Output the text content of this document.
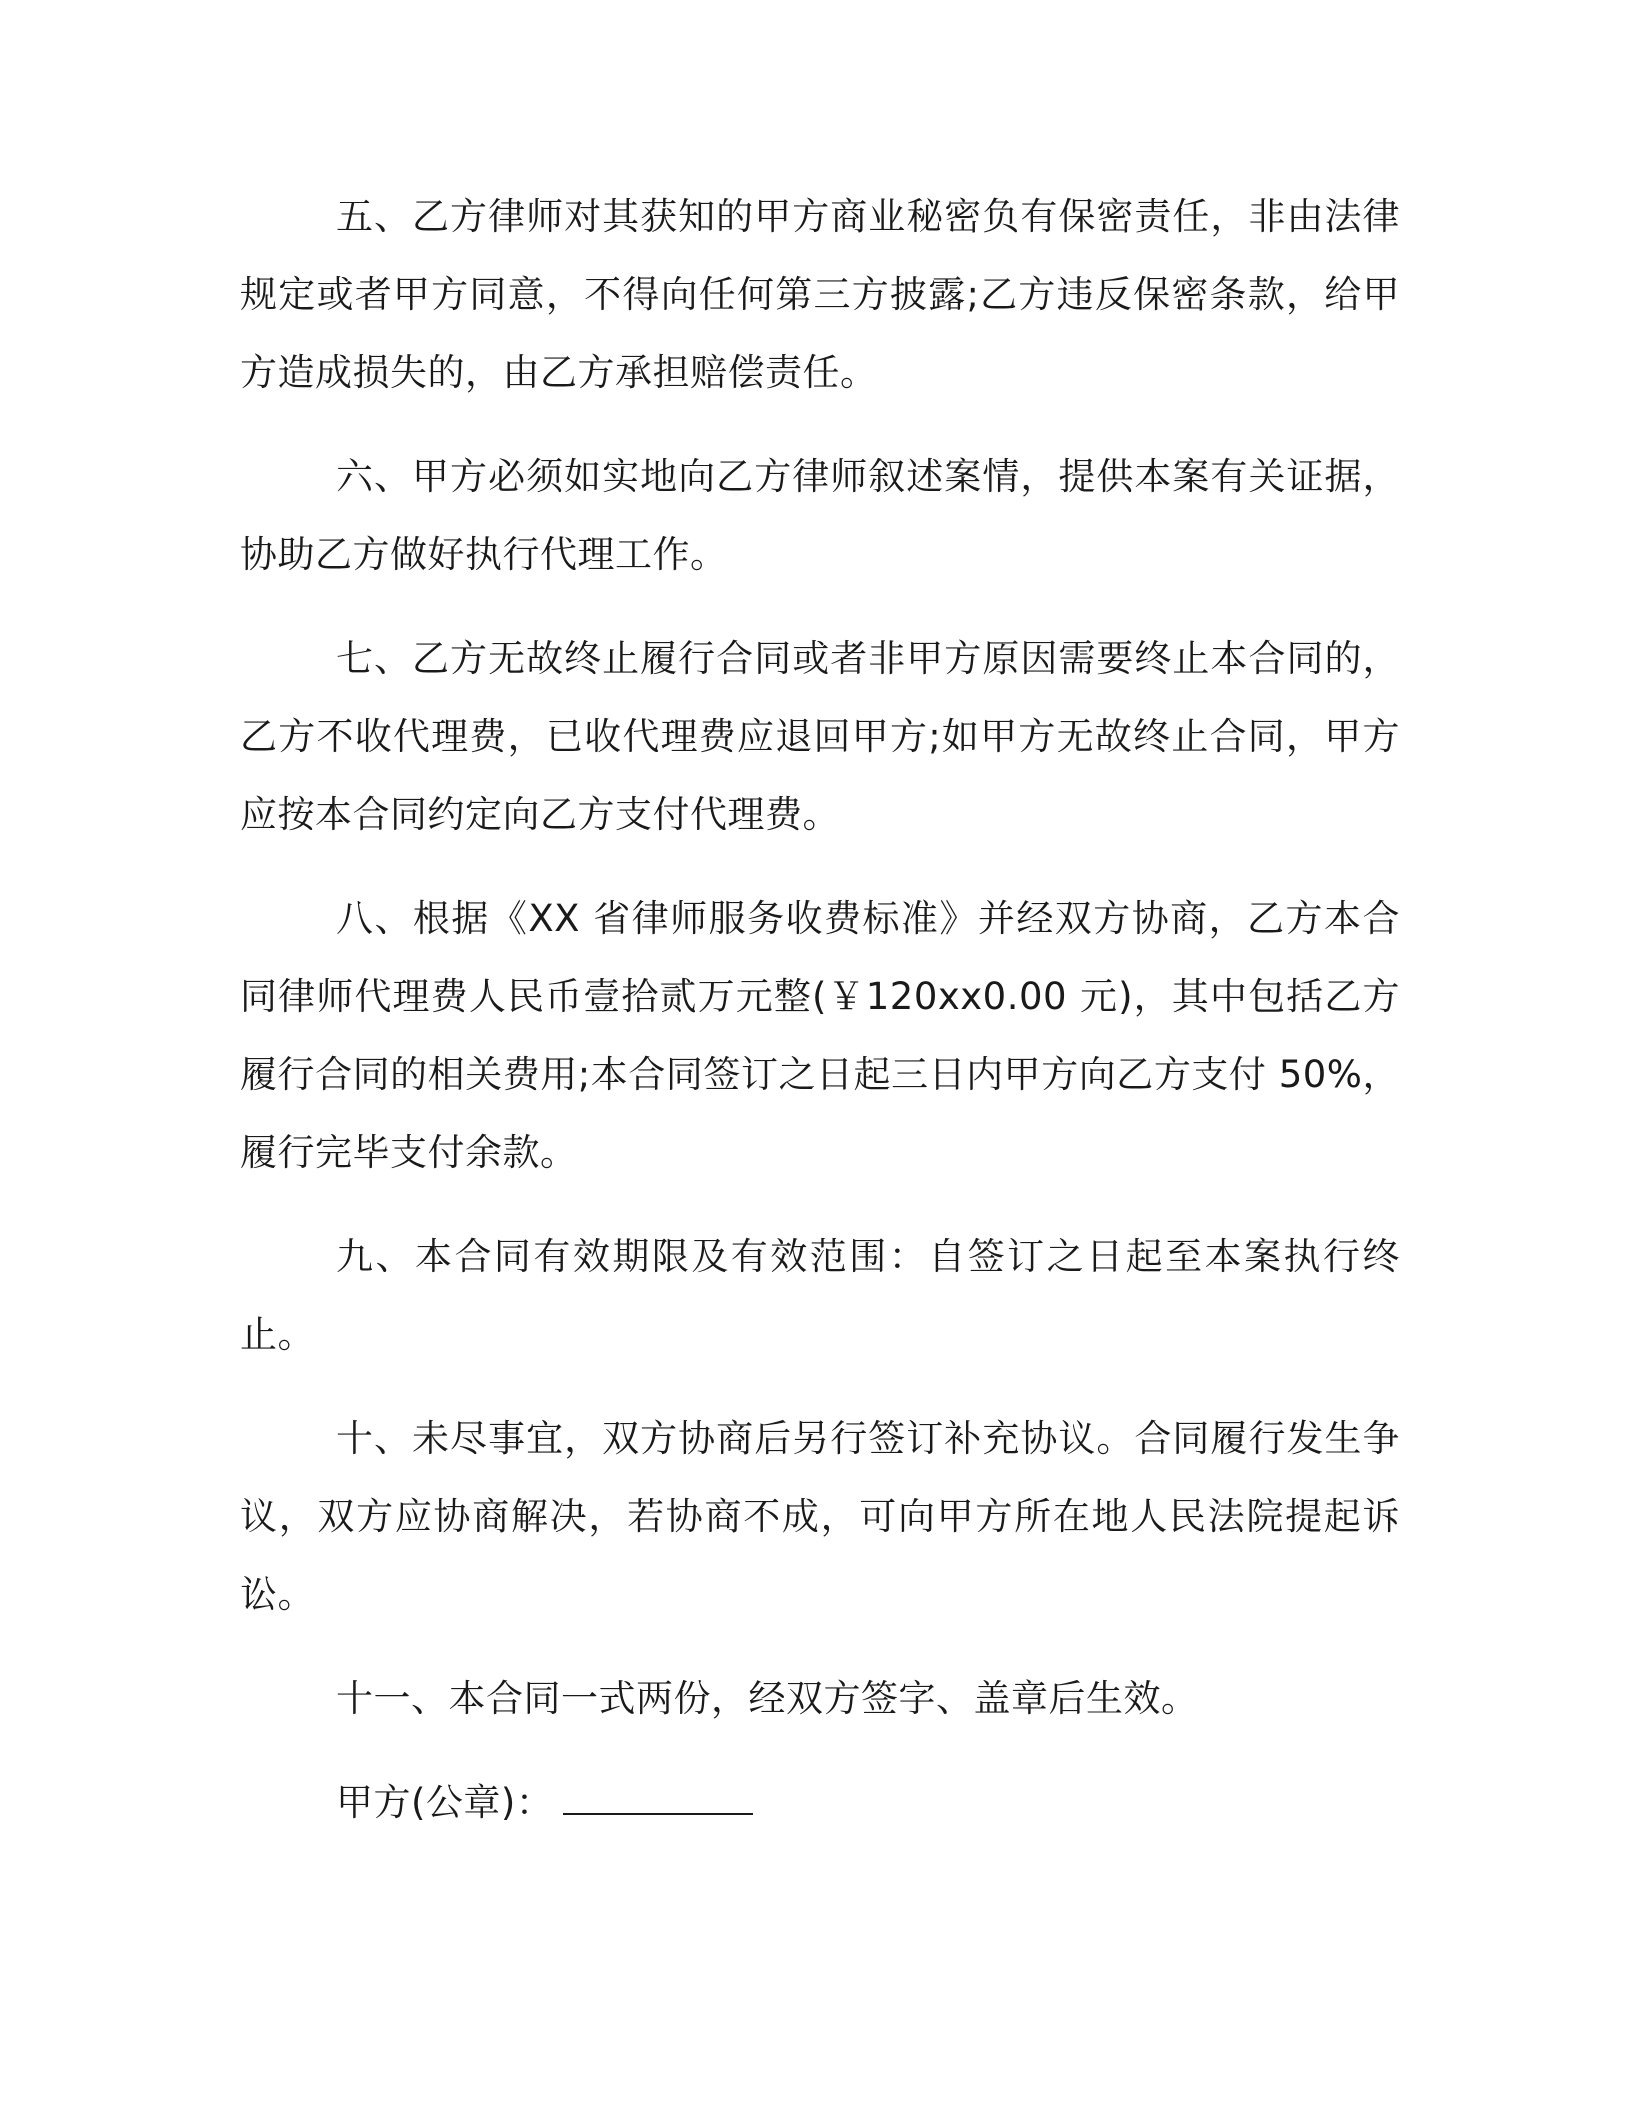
五、乙方律师对其获知的甲方商业秘密负有保密责任，非由法律规定或者甲方同意，不得向任何第三方披露;乙方违反保密条款，给甲方造成损失的，由乙方承担赔偿责任。

六、甲方必须如实地向乙方律师叙述案情，提供本案有关证据，协助乙方做好执行代理工作。

七、乙方无故终止履行合同或者非甲方原因需要终止本合同的，乙方不收代理费，已收代理费应退回甲方;如甲方无故终止合同，甲方应按本合同约定向乙方支付代理费。

八、根据《XX 省律师服务收费标准》并经双方协商，乙方本合同律师代理费人民币壹拾贰万元整(￥120xx0.00 元)，其中包括乙方履行合同的相关费用;本合同签订之日起三日内甲方向乙方支付 50%，履行完毕支付余款。

九、本合同有效期限及有效范围：自签订之日起至本案执行终止。

十、未尽事宜，双方协商后另行签订补充协议。合同履行发生争议，双方应协商解决，若协商不成，可向甲方所在地人民法院提起诉讼。

十一、本合同一式两份，经双方签字、盖章后生效。

甲方(公章)：
